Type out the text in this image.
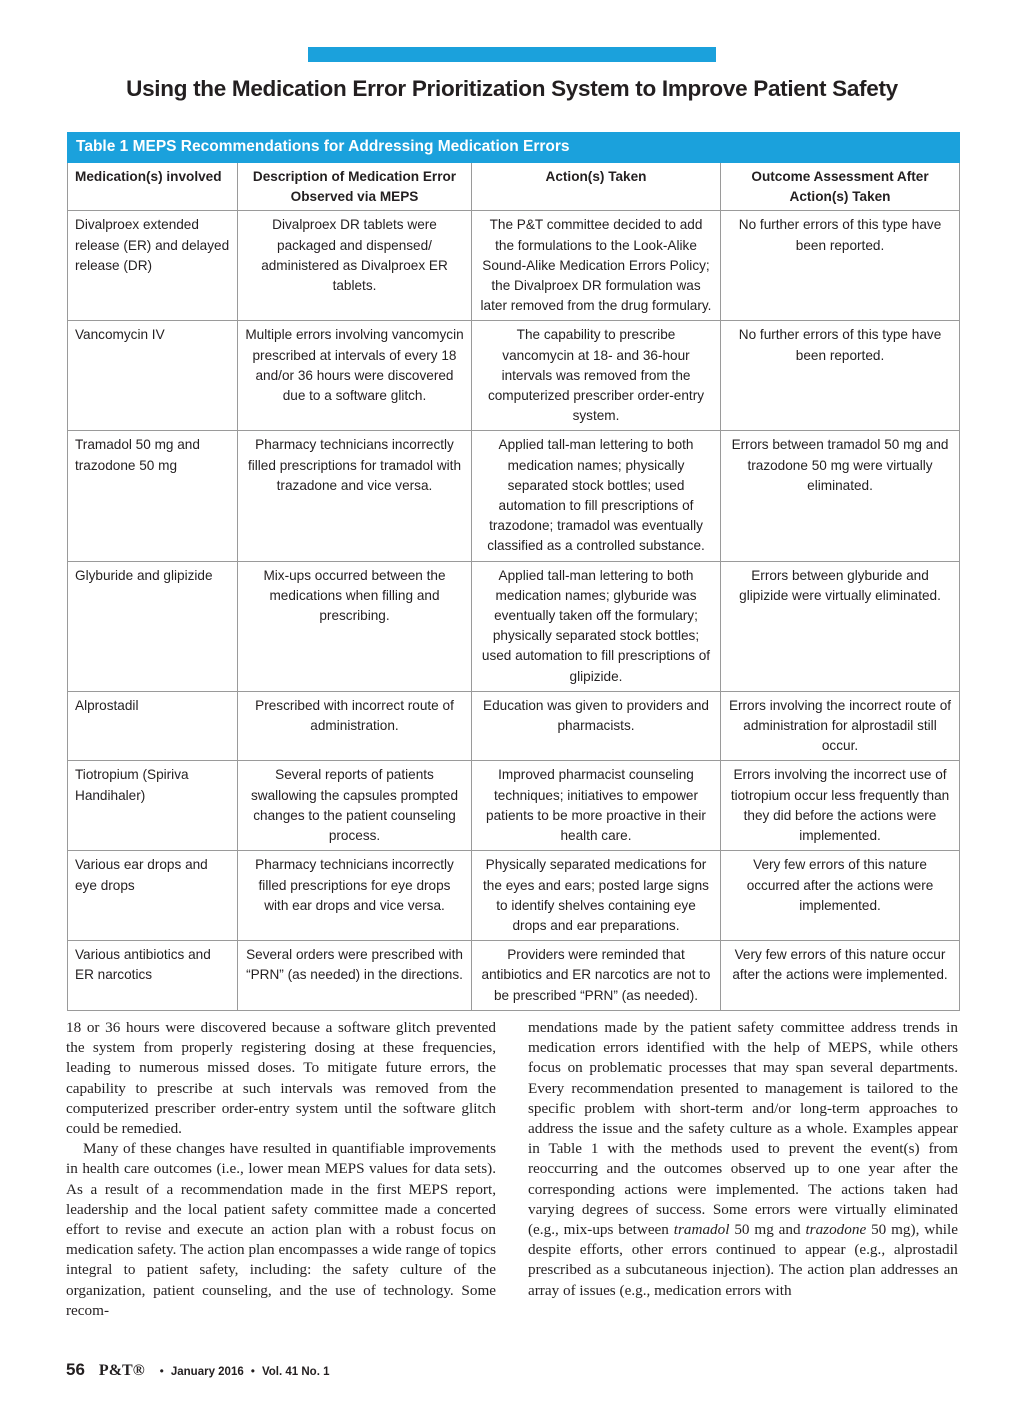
Using the Medication Error Prioritization System to Improve Patient Safety
Table 1 MEPS Recommendations for Addressing Medication Errors			
Medication(s) involved	Description of Medication Error Observed via MEPS	Action(s) Taken	Outcome Assessment After Action(s) Taken
Divalproex extended release (ER) and delayed release (DR)	Divalproex DR tablets were packaged and dispensed/ administered as Divalproex ER tablets.	The P&T committee decided to add the formulations to the Look-Alike Sound-Alike Medication Errors Policy; the Divalproex DR formulation was later removed from the drug formulary.	No further errors of this type have been reported.
Vancomycin IV	Multiple errors involving vancomycin prescribed at intervals of every 18 and/or 36 hours were discovered due to a software glitch.	The capability to prescribe vancomycin at 18- and 36-hour intervals was removed from the computerized prescriber order-entry system.	No further errors of this type have been reported.
Tramadol 50 mg and trazodone 50 mg	Pharmacy technicians incorrectly filled prescriptions for tramadol with trazadone and vice versa.	Applied tall-man lettering to both medication names; physically separated stock bottles; used automation to fill prescriptions of trazodone; tramadol was eventually classified as a controlled substance.	Errors between tramadol 50 mg and trazodone 50 mg were virtually eliminated.
Glyburide and glipizide	Mix-ups occurred between the medications when filling and prescribing.	Applied tall-man lettering to both medication names; glyburide was eventually taken off the formulary; physically separated stock bottles; used automation to fill prescriptions of glipizide.	Errors between glyburide and glipizide were virtually eliminated.
Alprostadil	Prescribed with incorrect route of administration.	Education was given to providers and pharmacists.	Errors involving the incorrect route of administration for alprostadil still occur.
Tiotropium (Spiriva Handihaler)	Several reports of patients swallowing the capsules prompted changes to the patient counseling process.	Improved pharmacist counseling techniques; initiatives to empower patients to be more proactive in their health care.	Errors involving the incorrect use of tiotropium occur less frequently than they did before the actions were implemented.
Various ear drops and eye drops	Pharmacy technicians incorrectly filled prescriptions for eye drops with ear drops and vice versa.	Physically separated medications for the eyes and ears; posted large signs to identify shelves containing eye drops and ear preparations.	Very few errors of this nature occurred after the actions were implemented.
Various antibiotics and ER narcotics	Several orders were prescribed with “PRN” (as needed) in the directions.	Providers were reminded that antibiotics and ER narcotics are not to be prescribed “PRN” (as needed).	Very few errors of this nature occur after the actions were implemented.

18 or 36 hours were discovered because a software glitch prevented the system from properly registering dosing at these frequencies, leading to numerous missed doses. To mitigate future errors, the capability to prescribe at such intervals was removed from the computerized prescriber order-entry system until the software glitch could be remedied.

Many of these changes have resulted in quantifiable improvements in health care outcomes (i.e., lower mean MEPS values for data sets). As a result of a recommendation made in the first MEPS report, leadership and the local patient safety committee made a concerted effort to revise and execute an action plan with a robust focus on medication safety. The action plan encompasses a wide range of topics integral to patient safety, including: the safety culture of the organization, patient counseling, and the use of technology. Some recom-

mendations made by the patient safety committee address trends in medication errors identified with the help of MEPS, while others focus on problematic processes that may span several departments. Every recommendation presented to management is tailored to the specific problem with short-term and/or long-term approaches to address the issue and the safety culture as a whole. Examples appear in Table 1 with the methods used to prevent the event(s) from reoccurring and the outcomes observed up to one year after the corresponding actions were implemented. The actions taken had varying degrees of success. Some errors were virtually eliminated (e.g., mix-ups between tramadol 50 mg and trazodone 50 mg), while despite efforts, other errors continued to appear (e.g., alprostadil prescribed as a subcutaneous injection). The action plan addresses an array of issues (e.g., medication errors with

56 P&T® • January 2016 • Vol. 41 No. 1
